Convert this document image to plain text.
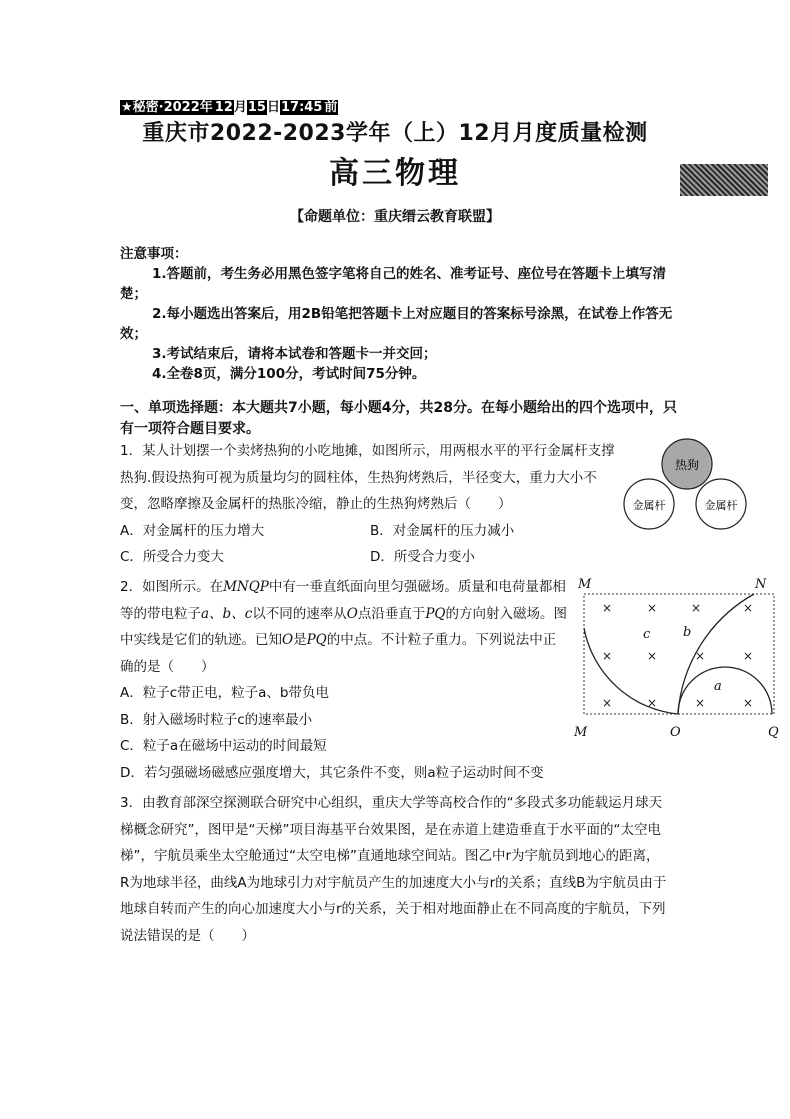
★秘密·2022年 12月15日17:45 前
重庆市2022-2023学年（上）12月月度质量检测
高三物理
【命题单位：重庆缙云教育联盟】
注意事项：

1.答题前，考生务必用黑色签字笔将自己的姓名、准考证号、座位号在答题卡上填写清楚；

2.每小题选出答案后，用2B铅笔把答题卡上对应题目的答案标号涂黑，在试卷上作答无效；

3.考试结束后，请将本试卷和答题卡一并交回；

4.全卷8页，满分100分，考试时间75分钟。

一、单项选择题：本大题共7小题，每小题4分，共28分。在每小题给出的四个选项中，只有一项符合题目要求。

1．某人计划摆一个卖烤热狗的小吃地摊，如图所示，用两根水平的平行金属杆支撑热狗.假设热狗可视为质量均匀的圆柱体，生热狗烤熟后，半径变大，重力大小不变，忽略摩擦及金属杆的热胀冷缩，静止的生热狗烤熟后（　　）

A．对金属杆的压力增大	B．对金属杆的压力减小
C．所受合力变大	D．所受合力变小
热狗
金属杆	金属杆

2．如图所示。在MNQP中有一垂直纸面向里匀强磁场。质量和电荷量都相等的带电粒子a、b、c以不同的速率从O点沿垂直于PQ的方向射入磁场。图中实线是它们的轨迹。已知O是PQ的中点。不计粒子重力。下列说法中正确的是（　　）

A．粒子c带正电，粒子a、b带负电

B．射入磁场时粒子c的速率最小

C．粒子a在磁场中运动的时间最短

D．若匀强磁场磁感应强度增大，其它条件不变，则a粒子运动时间不变

×	×	×	×
×	×	×	×
×	×	×	×
a
b
c
M	N
M	O	Q

3．由教育部深空探测联合研究中心组织，重庆大学等高校合作的“多段式多功能载运月球天梯概念研究”，图甲是“天梯”项目海基平台效果图，是在赤道上建造垂直于水平面的“太空电梯”，宇航员乘坐太空舱通过“太空电梯”直通地球空间站。图乙中r为宇航员到地心的距离，R为地球半径，曲线A为地球引力对宇航员产生的加速度大小与r的关系；直线B为宇航员由于地球自转而产生的向心加速度大小与r的关系，关于相对地面静止在不同高度的宇航员，下列说法错误的是（　　）
